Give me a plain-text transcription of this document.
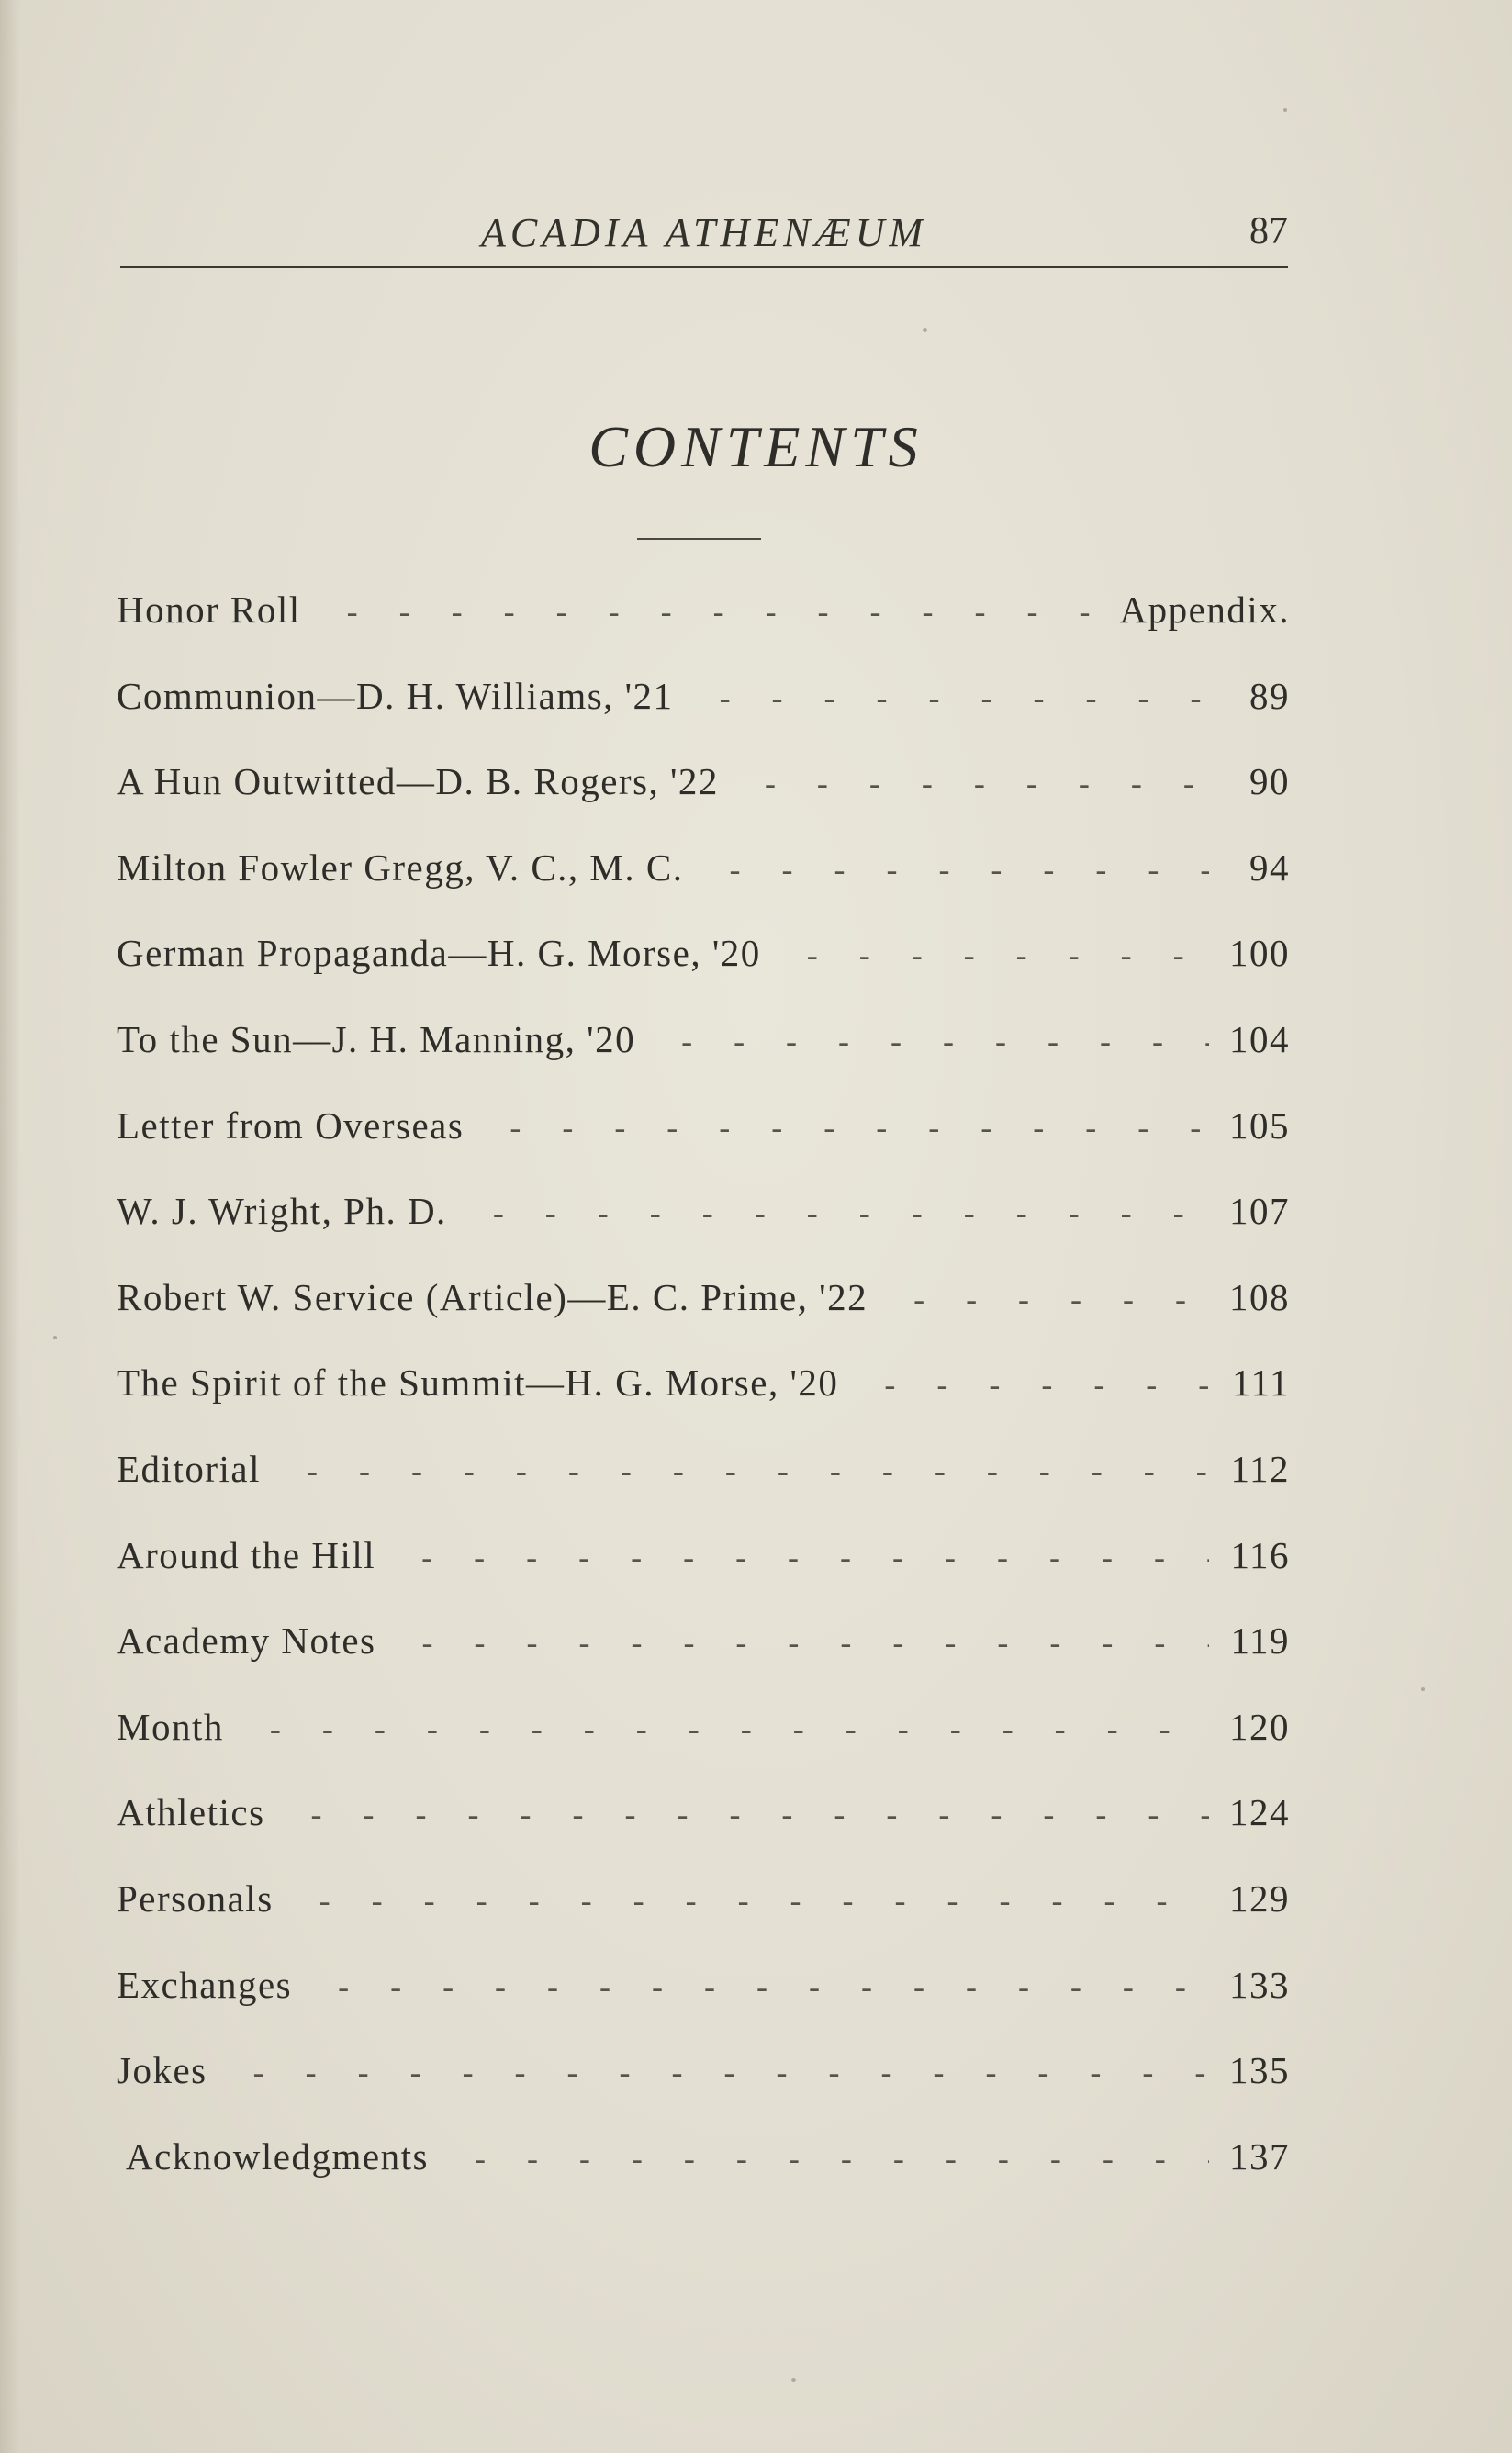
ACADIA ATHENÆUM	87
CONTENTS
Honor Roll -	Appendix.
Communion—D. H. Williams, '21 -	89
A Hun Outwitted—D. B. Rogers, '22 -	90
Milton Fowler Gregg, V. C., M. C. -	94
German Propaganda—H. G. Morse, '20 -	100
To the Sun—J. H. Manning, '20 -	104
Letter from Overseas -	105
W. J. Wright, Ph. D. -	107
Robert W. Service (Article)—E. C. Prime, '22 -	108
The Spirit of the Summit—H. G. Morse, '20 -	111
Editorial -	112
Around the Hill -	116
Academy Notes -	119
Month -	120
Athletics -	124
Personals -	129
Exchanges -	133
Jokes -	135
Acknowledgments -	137
